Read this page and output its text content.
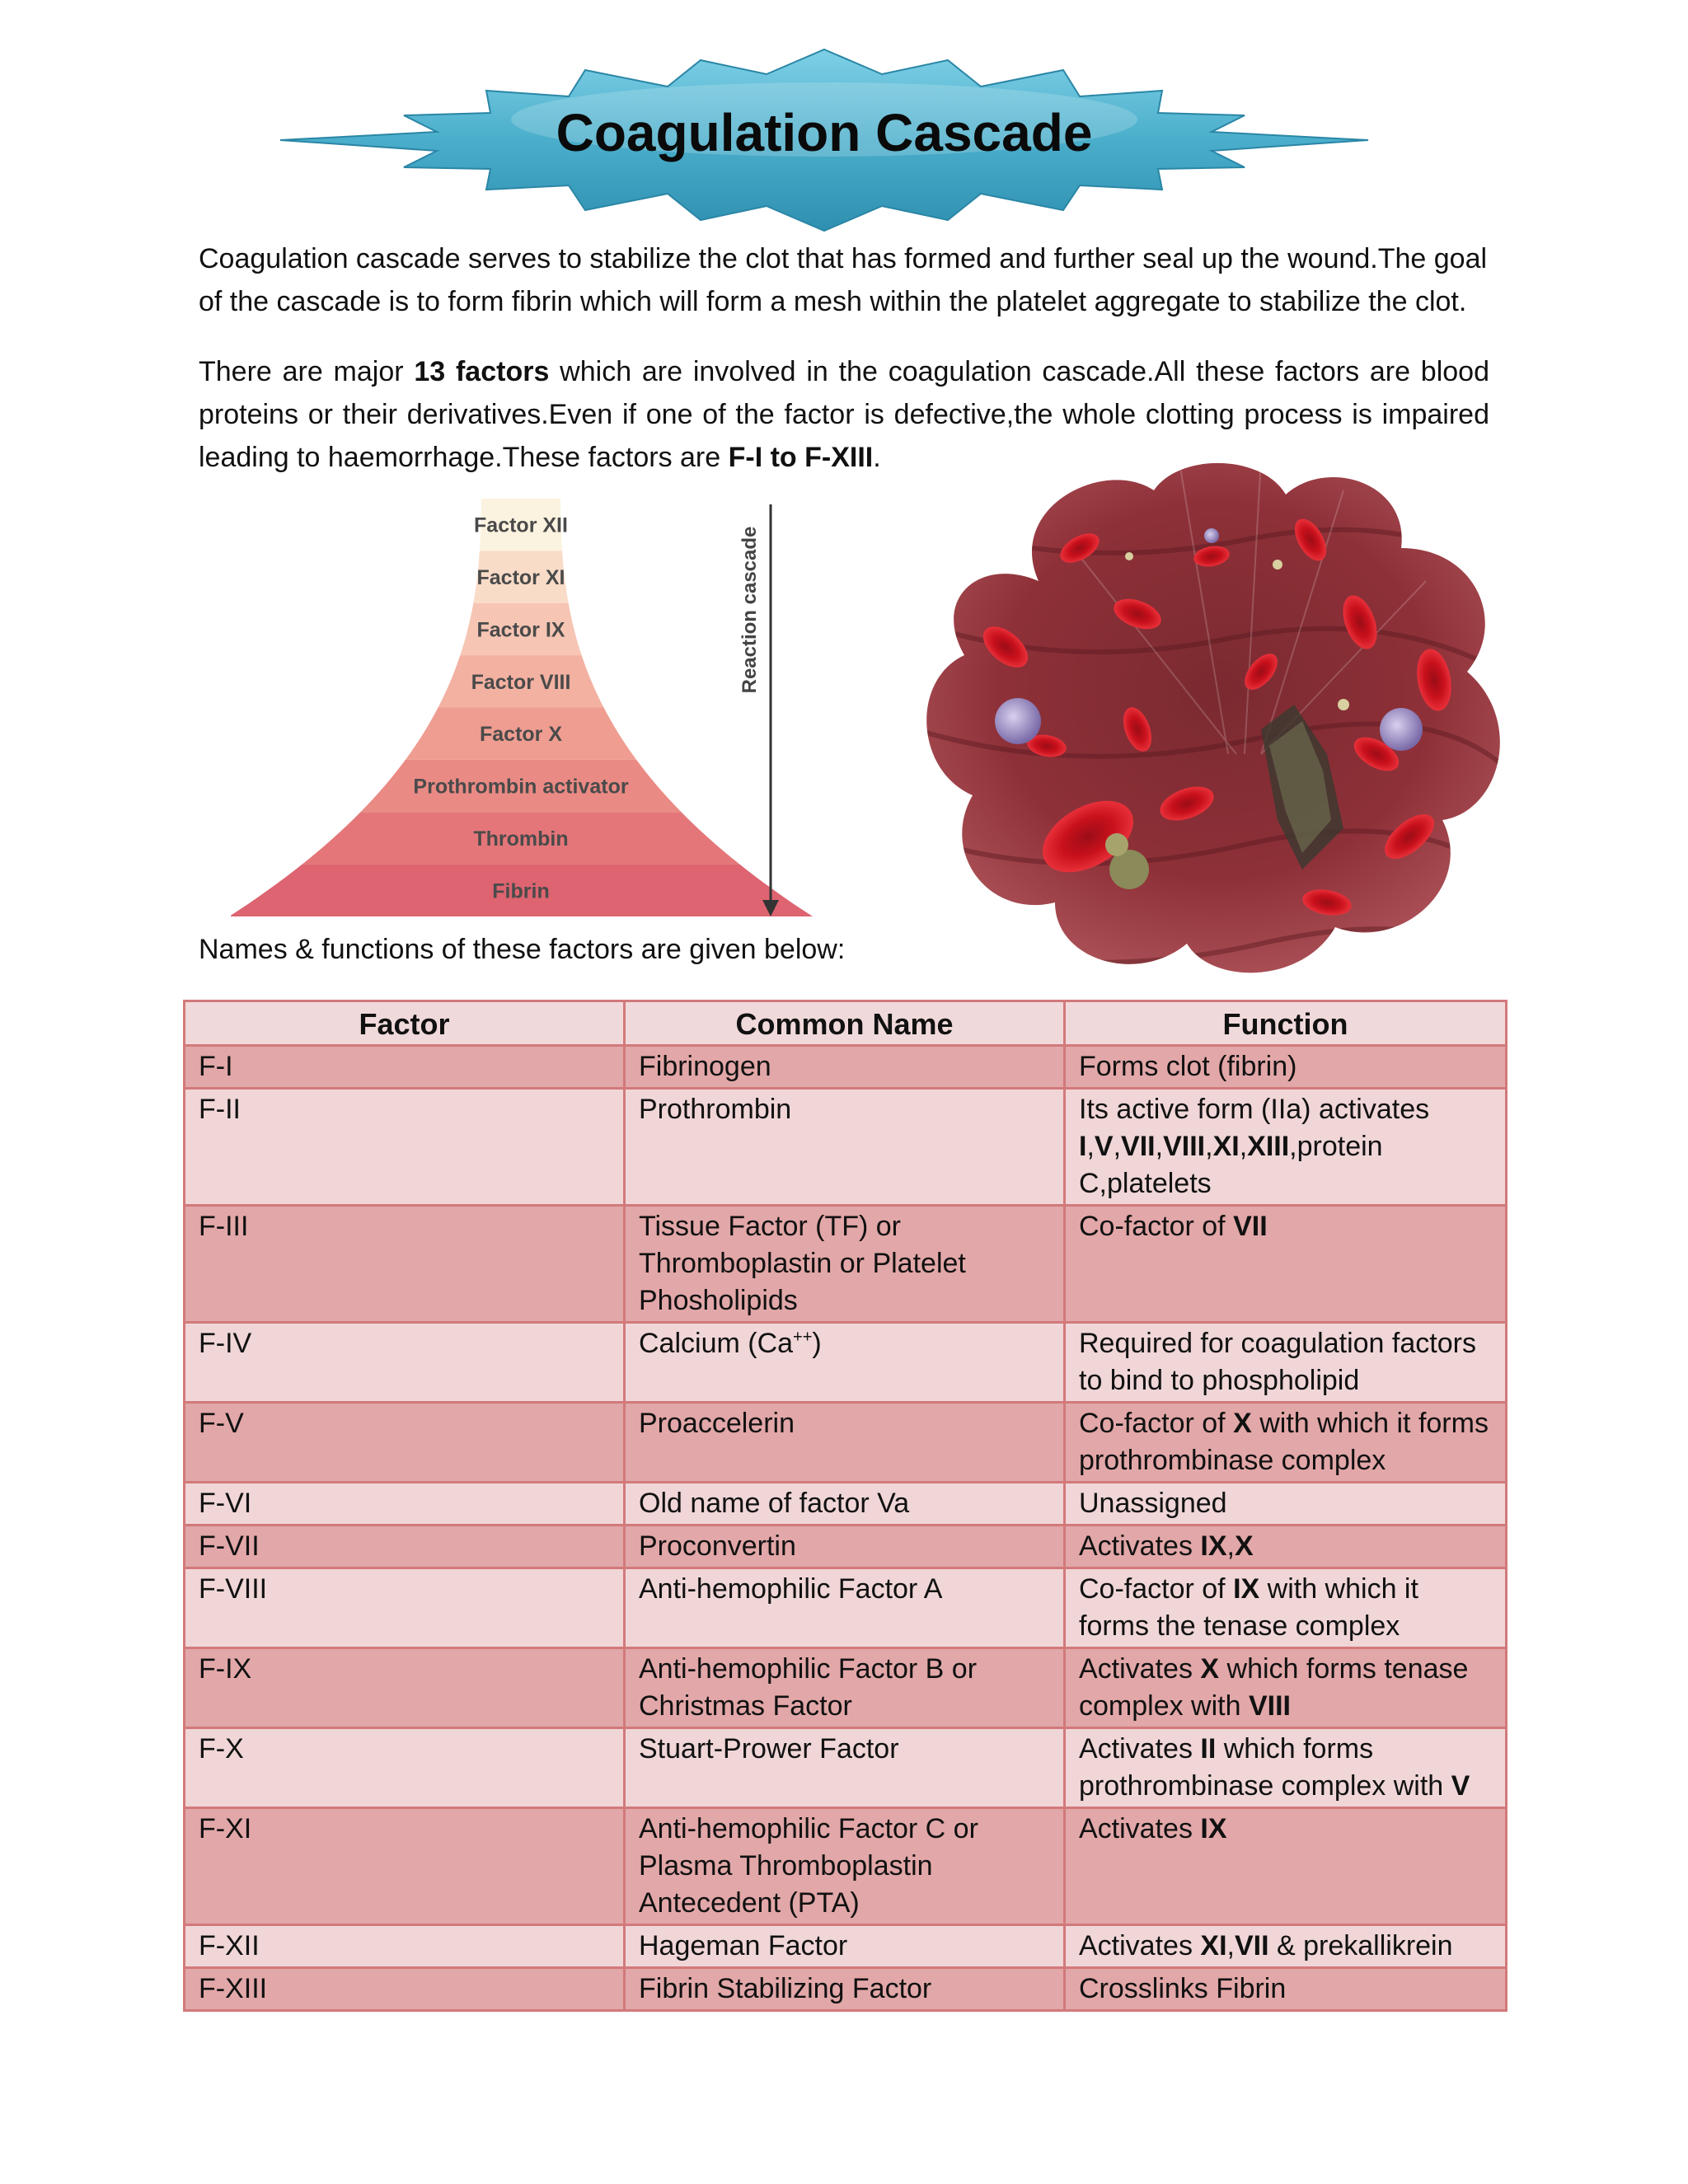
Coagulation Cascade
Coagulation cascade serves to stabilize the clot that has formed and further seal up the wound.The goal of the cascade is to form fibrin which will form a mesh within the platelet aggregate to stabilize the clot.
There are major 13 factors which are involved in the coagulation cascade.All these factors are blood proteins or their derivatives.Even if one of the factor is defective,the whole clotting process is impaired leading to haemorrhage.These factors are F-I to F-XIII.
Factor XII
Factor XI
Factor IX
Factor VIII
Factor X
Prothrombin activator
Thrombin
Fibrin
Reaction cascade
Names & functions of these factors are given below:
Factor	Common Name	Function
F-I	Fibrinogen	Forms clot (fibrin)
F-II	Prothrombin	Its active form (IIa) activates I,V,VII,VIII,XI,XIII,protein C,platelets
F-III	Tissue Factor (TF) or Thromboplastin or Platelet Phosholipids	Co-factor of VII
F-IV	Calcium (Ca++)	Required for coagulation factors to bind to phospholipid
F-V	Proaccelerin	Co-factor of X with which it forms prothrombinase complex
F-VI	Old name of factor Va	Unassigned
F-VII	Proconvertin	Activates IX,X
F-VIII	Anti-hemophilic Factor A	Co-factor of IX with which it forms the tenase complex
F-IX	Anti-hemophilic Factor B or Christmas Factor	Activates X which forms tenase complex with VIII
F-X	Stuart-Prower Factor	Activates II which forms prothrombinase complex with V
F-XI	Anti-hemophilic Factor C or Plasma Thromboplastin Antecedent (PTA)	Activates IX
F-XII	Hageman Factor	Activates XI,VII & prekallikrein
F-XIII	Fibrin Stabilizing Factor	Crosslinks Fibrin
